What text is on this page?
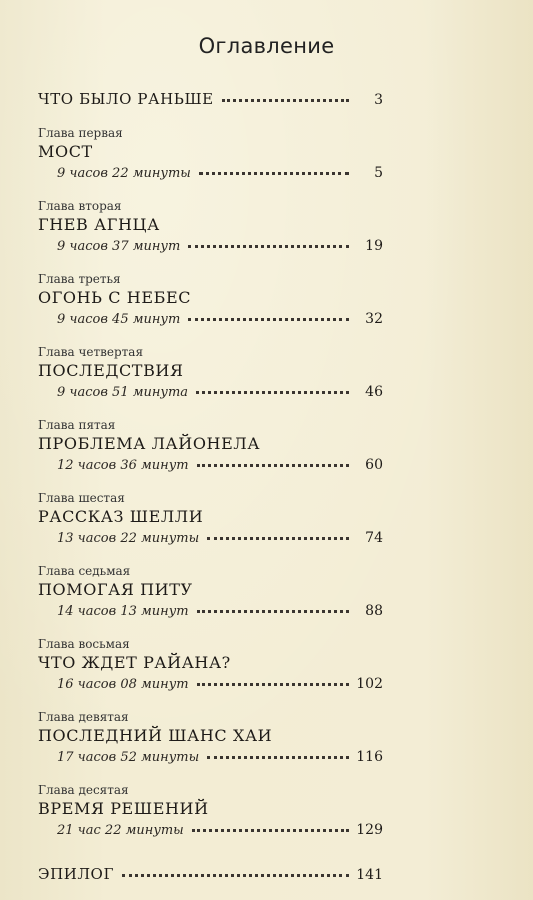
Оглавление
ЧТО БЫЛО РАНЬШЕ	3
Глава первая
МОСТ
9 часов 22 минуты	5
Глава вторая
ГНЕВ АГНЦА
9 часов 37 минут	19
Глава третья
ОГОНЬ С НЕБЕС
9 часов 45 минут	32
Глава четвертая
ПОСЛЕДСТВИЯ
9 часов 51 минута	46
Глава пятая
ПРОБЛЕМА ЛАЙОНЕЛА
12 часов 36 минут	60
Глава шестая
РАССКАЗ ШЕЛЛИ
13 часов 22 минуты	74
Глава седьмая
ПОМОГАЯ ПИТУ
14 часов 13 минут	88
Глава восьмая
ЧТО ЖДЕТ РАЙАНА?
16 часов 08 минут	102
Глава девятая
ПОСЛЕДНИЙ ШАНС ХАИ
17 часов 52 минуты	116
Глава десятая
ВРЕМЯ РЕШЕНИЙ
21 час 22 минуты	129
ЭПИЛОГ	141
